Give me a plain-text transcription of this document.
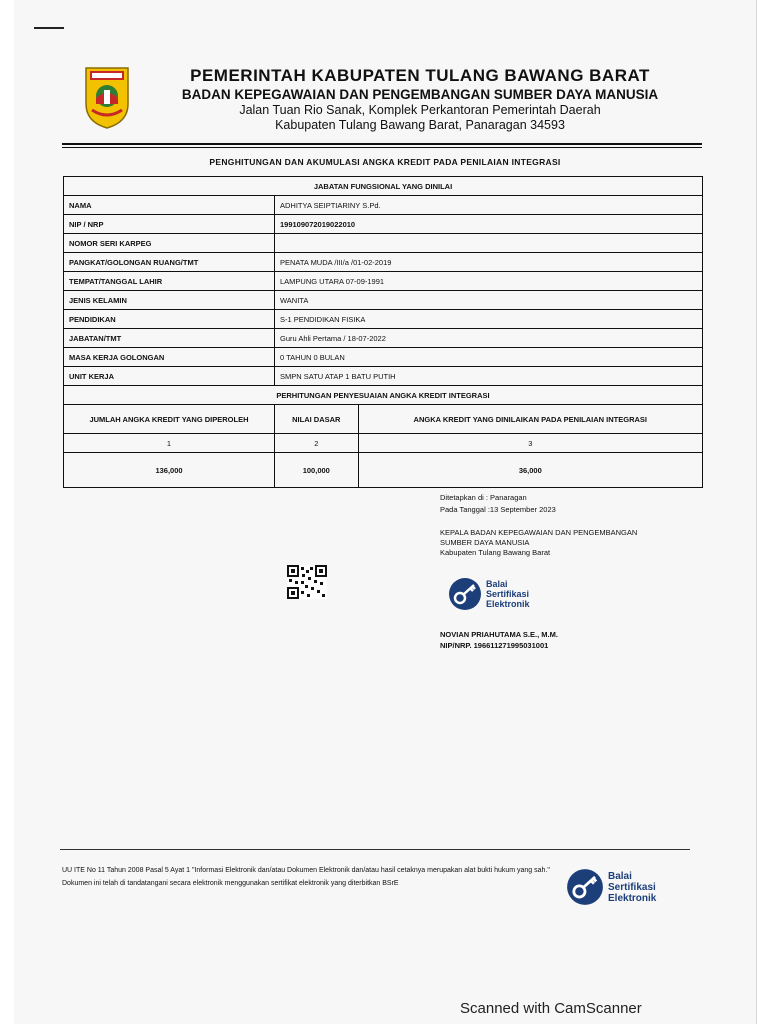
PEMERINTAH KABUPATEN TULANG BAWANG BARAT
BADAN KEPEGAWAIAN DAN PENGEMBANGAN SUMBER DAYA MANUSIA
Jalan Tuan Rio Sanak, Komplek Perkantoran Pemerintah Daerah
Kabupaten Tulang Bawang Barat, Panaragan 34593
PENGHITUNGAN DAN AKUMULASI ANGKA KREDIT PADA PENILAIAN INTEGRASI
JABATAN FUNGSIONAL YANG DINILAI		
NAMA	ADHITYA SEIPTIARINY S.Pd.	
NIP / NRP	199109072019022010	
NOMOR SERI KARPEG		
PANGKAT/GOLONGAN RUANG/TMT	PENATA MUDA /III/a /01-02-2019	
TEMPAT/TANGGAL LAHIR	LAMPUNG UTARA 07-09-1991	
JENIS KELAMIN	WANITA	
PENDIDIKAN	S-1 PENDIDIKAN FISIKA	
JABATAN/TMT	Guru Ahli Pertama / 18-07-2022	
MASA KERJA GOLONGAN	0 TAHUN 0 BULAN	
UNIT KERJA	SMPN SATU ATAP 1 BATU PUTIH	
PERHITUNGAN PENYESUAIAN ANGKA KREDIT INTEGRASI		
JUMLAH ANGKA KREDIT YANG DIPEROLEH	NILAI DASAR	ANGKA KREDIT YANG DINILAIKAN PADA PENILAIAN INTEGRASI
1	2	3
136,000	100,000	36,000
Ditetapkan di : Panaragan
Pada Tanggal :13 September 2023
KEPALA BADAN KEPEGAWAIAN DAN PENGEMBANGAN
SUMBER DAYA MANUSIA
Kabupaten Tulang Bawang Barat
Balai
Sertifikasi
Elektronik
NOVIAN PRIAHUTAMA S.E., M.M.
NIP/NRP. 196611271995031001
UU ITE No 11 Tahun 2008 Pasal 5 Ayat 1 "Informasi Elektronik dan/atau Dokumen Elektronik dan/atau hasil cetaknya merupakan alat bukti hukum yang sah."
Dokumen ini telah di tandatangani secara elektronik menggunakan sertifikat elektronik yang diterbitkan BSrE
Balai
Sertifikasi
Elektronik
Scanned with CamScanner
